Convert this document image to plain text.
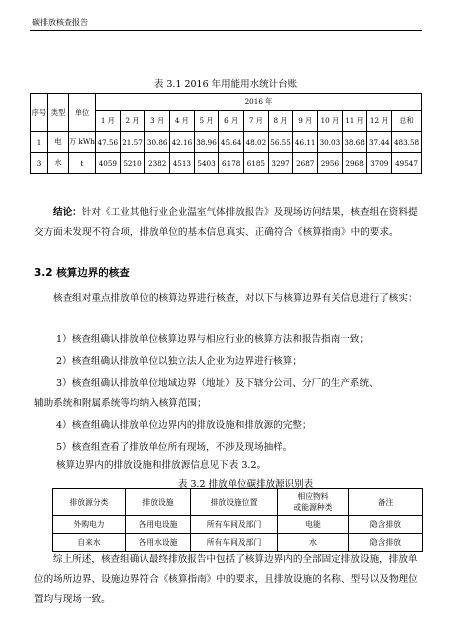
碳排放核查报告
表 3.1 2016 年用能用水统计台账
序号	类型	单位	2016 年												
			1 月	2 月	3 月	4 月	5 月	6 月	7 月	8 月	9 月	10 月	11 月	12 月	总和
1	电	万 kWh	47.56	21.57	30.86	42.16	38.96	45.64	48.02	56.55	46.11	30.03	38.68	37.44	483.58
3	水	t	4059	5210	2382	4513	5403	6178	6185	3297	2687	2956	2968	3709	49547
结论：针对《工业其他行业企业温室气体排放报告》及现场访问结果，核查组在资料提交方面未发现不符合项，排放单位的基本信息真实、正确符合《核算指南》中的要求。
3.2 核算边界的核查
核查组对重点排放单位的核算边界进行核查，对以下与核算边界有关信息进行了核实：
1）核查组确认排放单位核算边界与相应行业的核算方法和报告指南一致；
2）核查组确认排放单位以独立法人企业为边界进行核算；
3）核查组确认排放单位地域边界（地址）及下辖分公司、分厂的生产系统、
辅助系统和附属系统等均纳入核算范围；
4）核查组确认排放单位边界内的排放设施和排放源的完整；
5）核查组查看了排放单位所有现场，不涉及现场抽样。
核算边界内的排放设施和排放源信息见下表 3.2。
表 3.2 排放单位碳排放源识别表
排放源分类	排放设施	排放设施位置	相应物料
或能源种类	备注
外购电力	各用电设施	所有车间及部门	电能	隐含排放
自来水	各用水设施	所有车间及部门	水	隐含排放
综上所述，核查组确认最终排放报告中包括了核算边界内的全部固定排放设施，排放单位的场所边界、设施边界符合《核算指南》中的要求，且排放设施的名称、型号以及物理位置均与现场一致。
